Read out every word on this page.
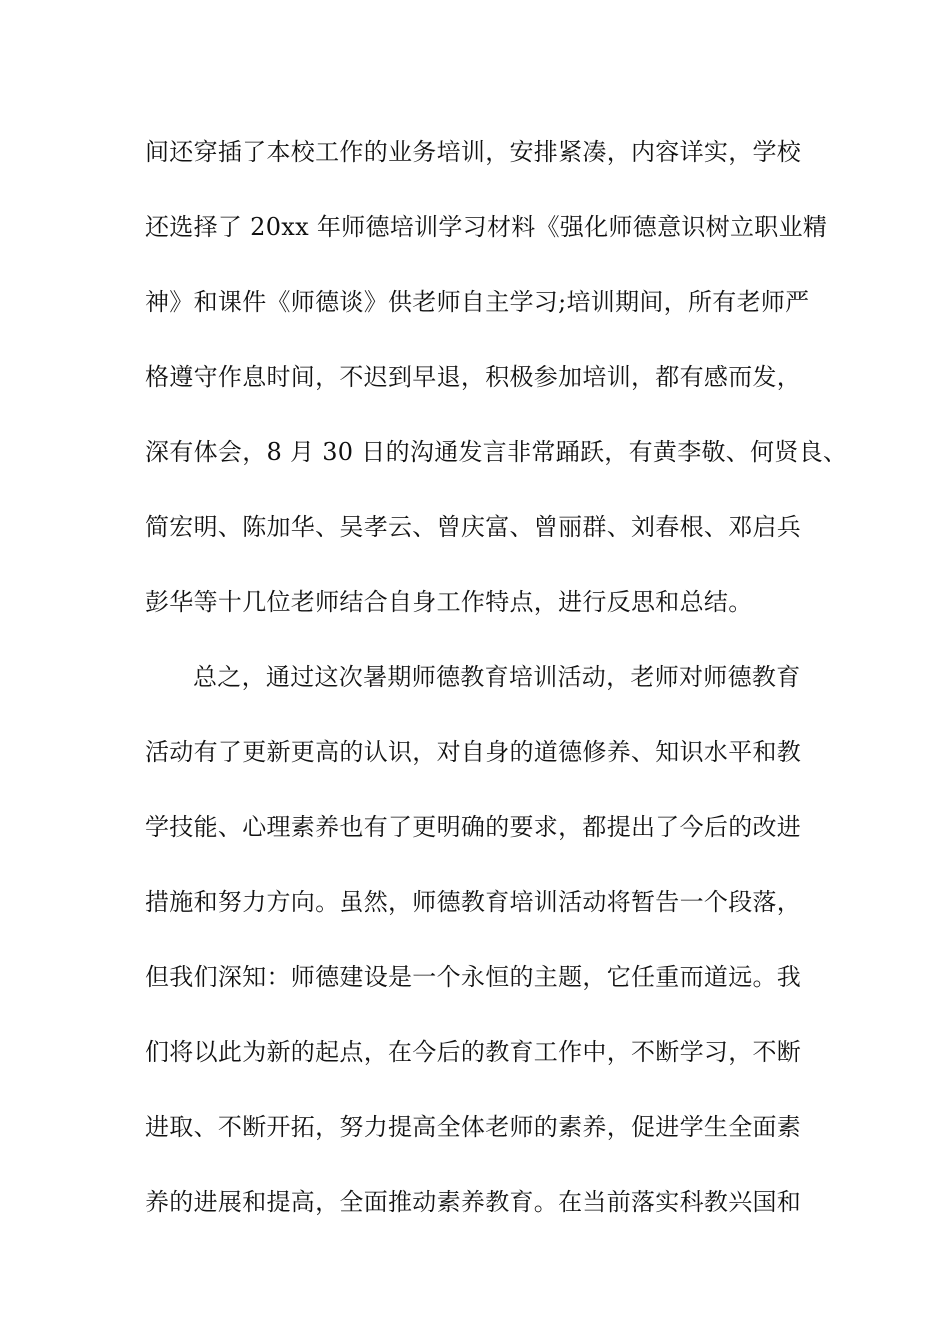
间还穿插了本校工作的业务培训，安排紧凑，内容详实，学校
还选择了 20xx 年师德培训学习材料《强化师德意识树立职业精
神》和课件《师德谈》供老师自主学习;培训期间，所有老师严
格遵守作息时间，不迟到早退，积极参加培训，都有感而发，
深有体会，8 月 30 日的沟通发言非常踊跃，有黄李敬、何贤良、
简宏明、陈加华、吴孝云、曾庆富、曾丽群、刘春根、邓启兵
彭华等十几位老师结合自身工作特点，进行反思和总结。
总之，通过这次暑期师德教育培训活动，老师对师德教育
活动有了更新更高的认识，对自身的道德修养、知识水平和教
学技能、心理素养也有了更明确的要求，都提出了今后的改进
措施和努力方向。虽然，师德教育培训活动将暂告一个段落，
但我们深知：师德建设是一个永恒的主题，它任重而道远。我
们将以此为新的起点，在今后的教育工作中，不断学习，不断
进取、不断开拓，努力提高全体老师的素养，促进学生全面素
养的进展和提高，全面推动素养教育。在当前落实科教兴国和
